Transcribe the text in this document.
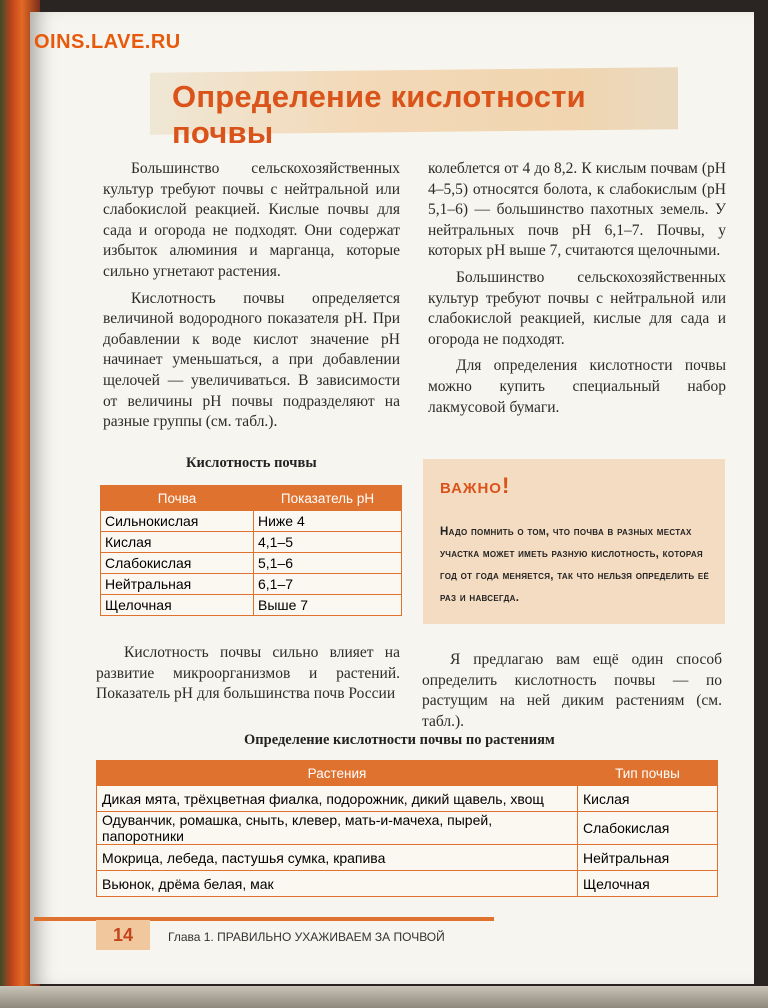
OINS.LAVE.RU
Определение кислотности почвы

Большинство сельскохозяйственных культур требуют почвы с нейтральной или слабокислой реакцией. Кислые почвы для сада и огорода не подходят. Они содержат избыток алюминия и марганца, которые сильно угнетают растения.

Кислотность почвы определяется величиной водородного показателя pH. При добавлении к воде кислот значение pH начинает уменьшаться, а при добавлении щелочей — увеличиваться. В зависимости от величины pH почвы подразделяют на разные группы (см. табл.).

колеблется от 4 до 8,2. К кислым почвам (pH 4–5,5) относятся болота, к слабокислым (pH 5,1–6) — большинство пахотных земель. У нейтральных почв pH 6,1–7. Почвы, у которых pH выше 7, считаются щелочными.

Большинство сельскохозяйственных культур требуют почвы с нейтральной или слабокислой реакцией, кислые для сада и огорода не подходят.

Для определения кислотности почвы можно купить специальный набор лакмусовой бумаги.

Кислотность почвы
Почва	Показатель pH
Сильнокислая	Ниже 4
Кислая	4,1–5
Слабокислая	5,1–6
Нейтральная	6,1–7
Щелочная	Выше 7
ВАЖНО!
Надо помнить о том, что почва в разных местах участка может иметь разную кислотность, которая год от года меняется, так что нельзя определить её раз и навсегда.

Кислотность почвы сильно влияет на развитие микроорганизмов и растений. Показатель pH для большинства почв России

Я предлагаю вам ещё один способ определить кислотность почвы — по растущим на ней диким растениям (см. табл.).

Определение кислотности почвы по растениям
Растения	Тип почвы
Дикая мята, трёхцветная фиалка, подорожник, дикий щавель, хвощ	Кислая
Одуванчик, ромашка, сныть, клевер, мать-и-мачеха, пырей, папоротники	Слабокислая
Мокрица, лебеда, пастушья сумка, крапива	Нейтральная
Вьюнок, дрёма белая, мак	Щелочная
14	Глава 1. ПРАВИЛЬНО УХАЖИВАЕМ ЗА ПОЧВОЙ
